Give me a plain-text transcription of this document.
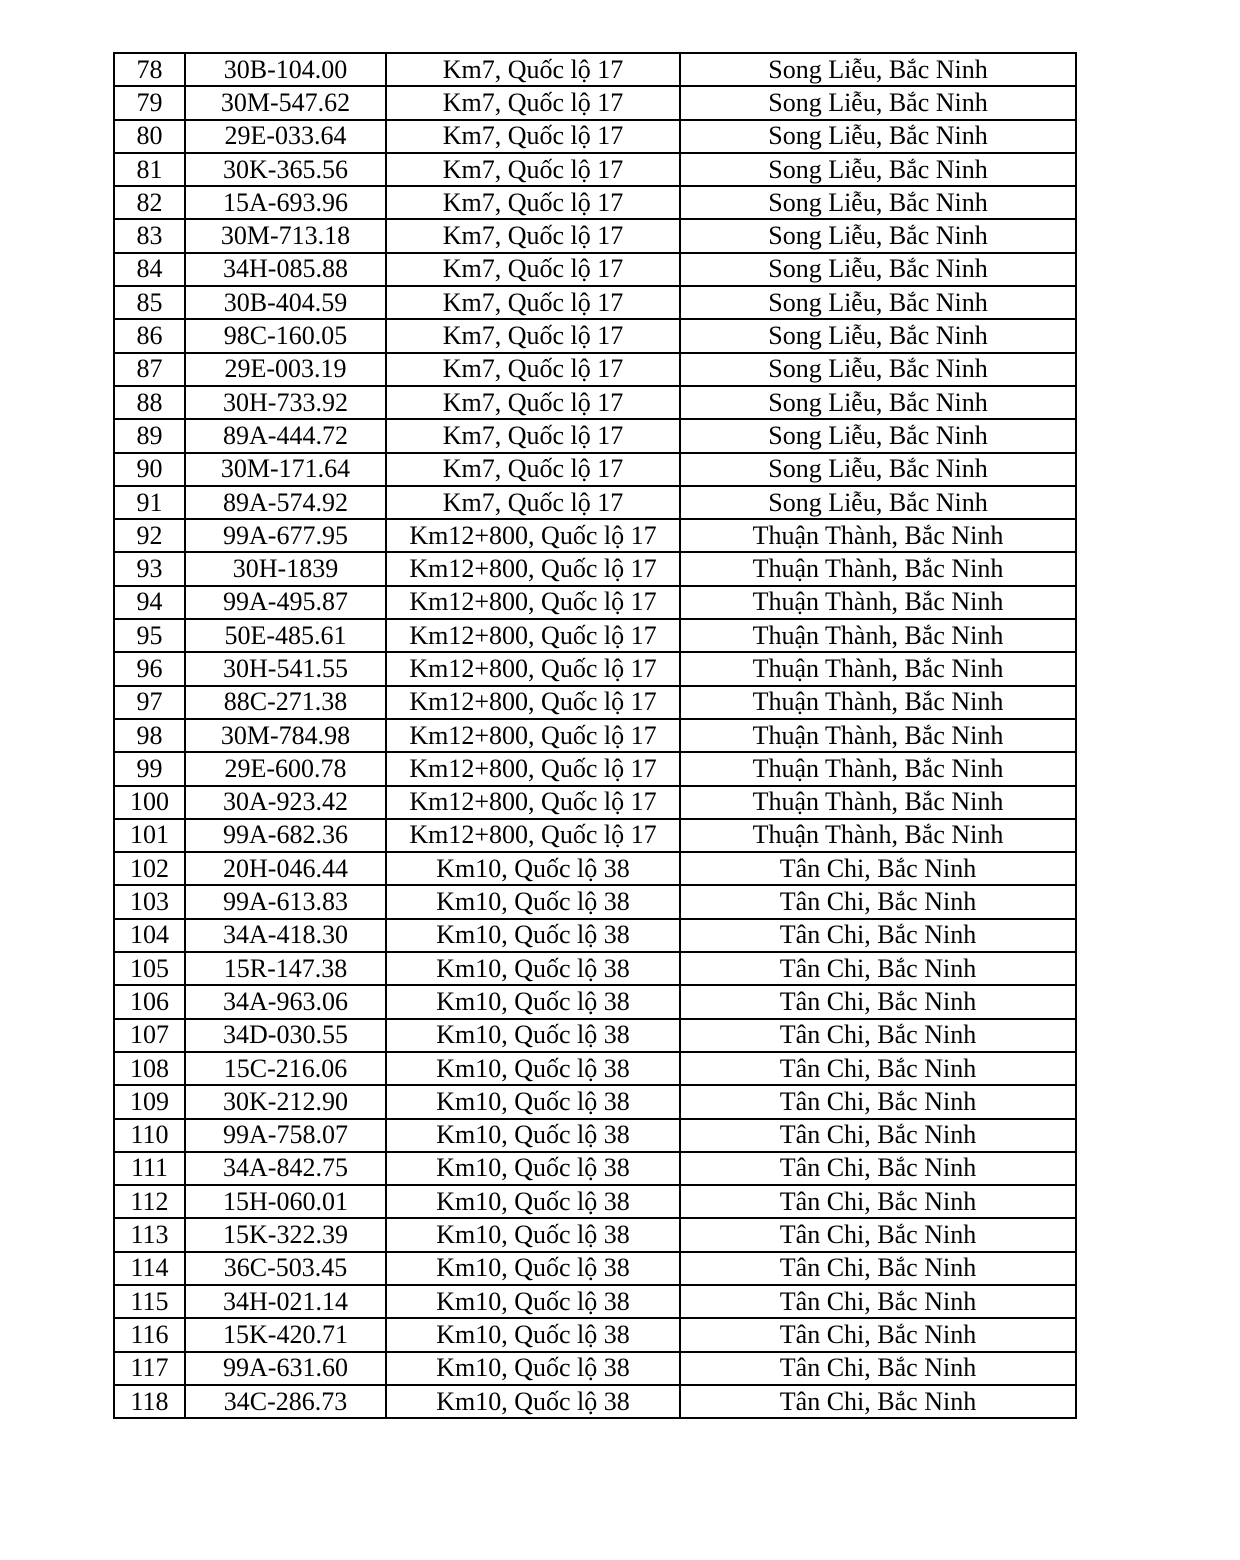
78	30B-104.00	Km7, Quốc lộ 17	Song Liễu, Bắc Ninh
79	30M-547.62	Km7, Quốc lộ 17	Song Liễu, Bắc Ninh
80	29E-033.64	Km7, Quốc lộ 17	Song Liễu, Bắc Ninh
81	30K-365.56	Km7, Quốc lộ 17	Song Liễu, Bắc Ninh
82	15A-693.96	Km7, Quốc lộ 17	Song Liễu, Bắc Ninh
83	30M-713.18	Km7, Quốc lộ 17	Song Liễu, Bắc Ninh
84	34H-085.88	Km7, Quốc lộ 17	Song Liễu, Bắc Ninh
85	30B-404.59	Km7, Quốc lộ 17	Song Liễu, Bắc Ninh
86	98C-160.05	Km7, Quốc lộ 17	Song Liễu, Bắc Ninh
87	29E-003.19	Km7, Quốc lộ 17	Song Liễu, Bắc Ninh
88	30H-733.92	Km7, Quốc lộ 17	Song Liễu, Bắc Ninh
89	89A-444.72	Km7, Quốc lộ 17	Song Liễu, Bắc Ninh
90	30M-171.64	Km7, Quốc lộ 17	Song Liễu, Bắc Ninh
91	89A-574.92	Km7, Quốc lộ 17	Song Liễu, Bắc Ninh
92	99A-677.95	Km12+800, Quốc lộ 17	Thuận Thành, Bắc Ninh
93	30H-1839	Km12+800, Quốc lộ 17	Thuận Thành, Bắc Ninh
94	99A-495.87	Km12+800, Quốc lộ 17	Thuận Thành, Bắc Ninh
95	50E-485.61	Km12+800, Quốc lộ 17	Thuận Thành, Bắc Ninh
96	30H-541.55	Km12+800, Quốc lộ 17	Thuận Thành, Bắc Ninh
97	88C-271.38	Km12+800, Quốc lộ 17	Thuận Thành, Bắc Ninh
98	30M-784.98	Km12+800, Quốc lộ 17	Thuận Thành, Bắc Ninh
99	29E-600.78	Km12+800, Quốc lộ 17	Thuận Thành, Bắc Ninh
100	30A-923.42	Km12+800, Quốc lộ 17	Thuận Thành, Bắc Ninh
101	99A-682.36	Km12+800, Quốc lộ 17	Thuận Thành, Bắc Ninh
102	20H-046.44	Km10, Quốc lộ 38	Tân Chi, Bắc Ninh
103	99A-613.83	Km10, Quốc lộ 38	Tân Chi, Bắc Ninh
104	34A-418.30	Km10, Quốc lộ 38	Tân Chi, Bắc Ninh
105	15R-147.38	Km10, Quốc lộ 38	Tân Chi, Bắc Ninh
106	34A-963.06	Km10, Quốc lộ 38	Tân Chi, Bắc Ninh
107	34D-030.55	Km10, Quốc lộ 38	Tân Chi, Bắc Ninh
108	15C-216.06	Km10, Quốc lộ 38	Tân Chi, Bắc Ninh
109	30K-212.90	Km10, Quốc lộ 38	Tân Chi, Bắc Ninh
110	99A-758.07	Km10, Quốc lộ 38	Tân Chi, Bắc Ninh
111	34A-842.75	Km10, Quốc lộ 38	Tân Chi, Bắc Ninh
112	15H-060.01	Km10, Quốc lộ 38	Tân Chi, Bắc Ninh
113	15K-322.39	Km10, Quốc lộ 38	Tân Chi, Bắc Ninh
114	36C-503.45	Km10, Quốc lộ 38	Tân Chi, Bắc Ninh
115	34H-021.14	Km10, Quốc lộ 38	Tân Chi, Bắc Ninh
116	15K-420.71	Km10, Quốc lộ 38	Tân Chi, Bắc Ninh
117	99A-631.60	Km10, Quốc lộ 38	Tân Chi, Bắc Ninh
118	34C-286.73	Km10, Quốc lộ 38	Tân Chi, Bắc Ninh
